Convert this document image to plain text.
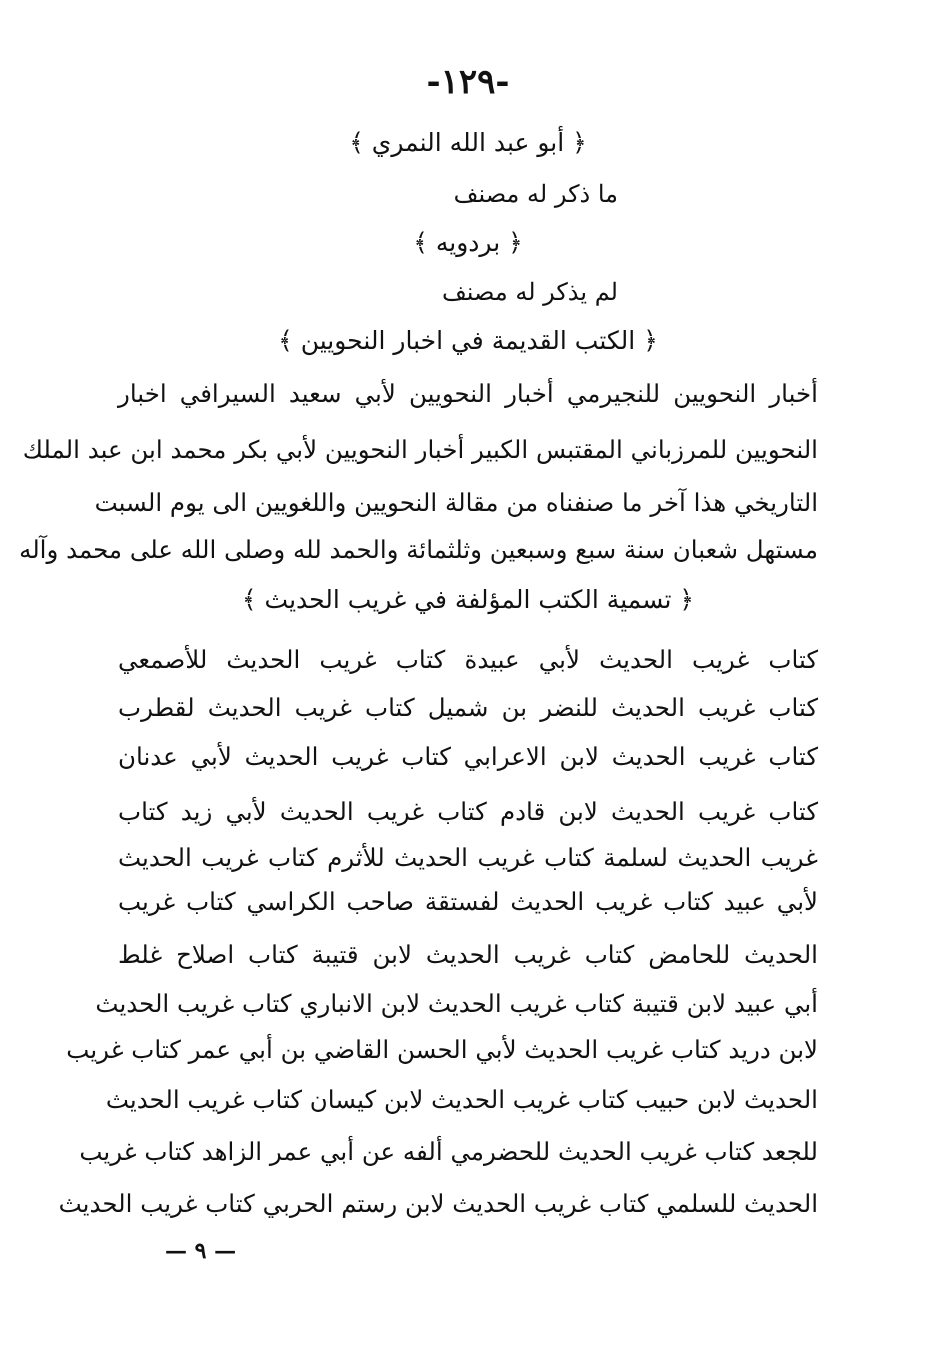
-١٢٩-
﴿ أبو عبد الله النمري ﴾
ما ذكر له مصنف
﴿ بردويه ﴾
لم يذكر له مصنف
﴿ الكتب القديمة في اخبار النحويين ﴾
أخبار النحويين للنجيرمي أخبار النحويين لأبي سعيد السيرافي اخبار
النحويين للمرزباني المقتبس الكبير أخبار النحويين لأبي بكر محمد ابن عبد الملك
التاريخي هذا آخر ما صنفناه من مقالة النحويين واللغويين الى يوم السبت
مستهل شعبان سنة سبع وسبعين وثلثمائة والحمد لله وصلى الله على محمد وآله
﴿ تسمية الكتب المؤلفة في غريب الحديث ﴾
كتاب غريب الحديث لأبي عبيدة كتاب غريب الحديث للأصمعي
كتاب غريب الحديث للنضر بن شميل كتاب غريب الحديث لقطرب
كتاب غريب الحديث لابن الاعرابي كتاب غريب الحديث لأبي عدنان
كتاب غريب الحديث لابن قادم كتاب غريب الحديث لأبي زيد كتاب
غريب الحديث لسلمة كتاب غريب الحديث للأثرم كتاب غريب الحديث
لأبي عبيد كتاب غريب الحديث لفستقة صاحب الكراسي كتاب غريب
الحديث للحامض كتاب غريب الحديث لابن قتيبة كتاب اصلاح غلط
أبي عبيد لابن قتيبة كتاب غريب الحديث لابن الانباري كتاب غريب الحديث
لابن دريد كتاب غريب الحديث لأبي الحسن القاضي بن أبي عمر كتاب غريب
الحديث لابن حبيب كتاب غريب الحديث لابن كيسان كتاب غريب الحديث
للجعد كتاب غريب الحديث للحضرمي ألفه عن أبي عمر الزاهد كتاب غريب
الحديث للسلمي كتاب غريب الحديث لابن رستم الحربي كتاب غريب الحديث
— ٩ —
